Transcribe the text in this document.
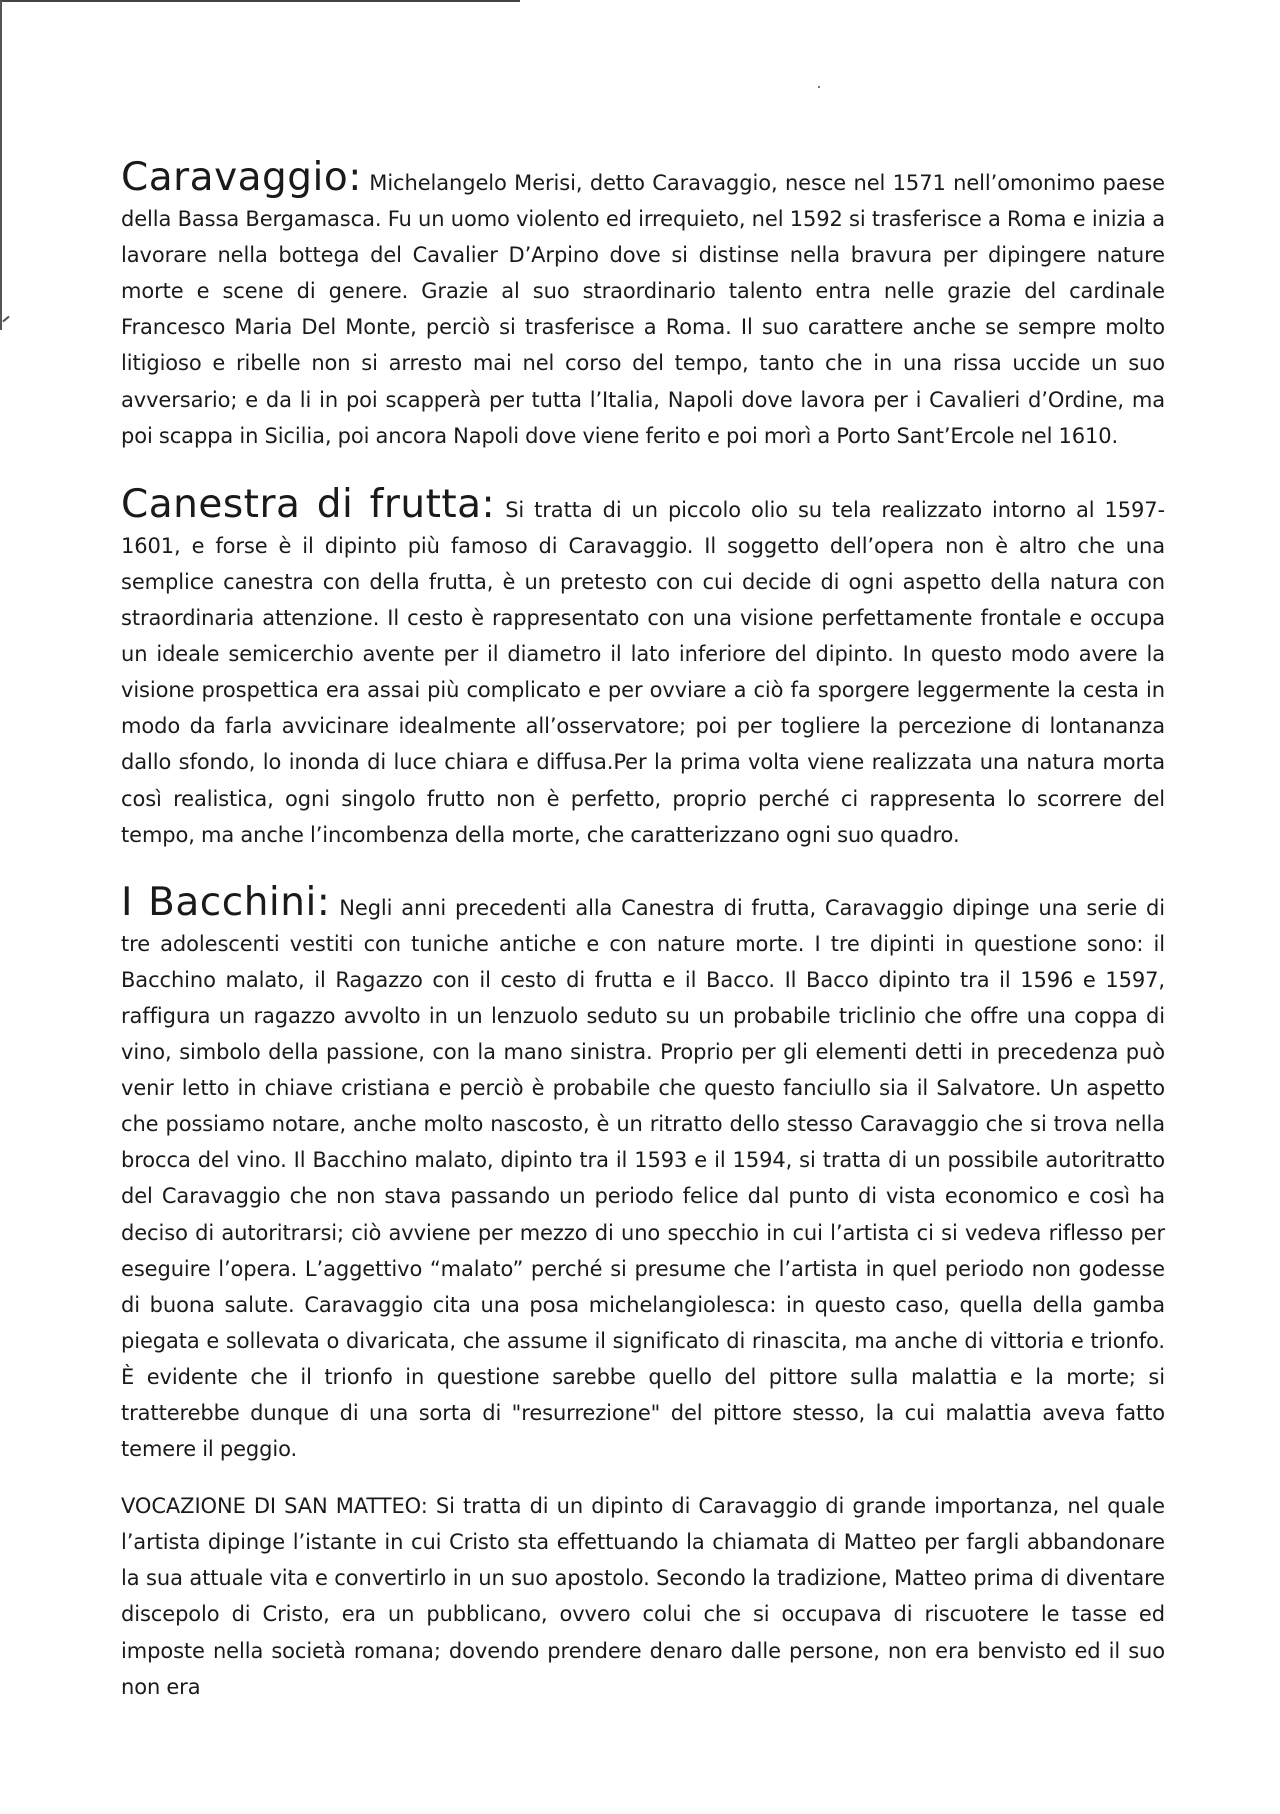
Caravaggio: Michelangelo Merisi, detto Caravaggio, nesce nel 1571 nell’omonimo paese della Bassa Bergamasca. Fu un uomo violento ed irrequieto, nel 1592 si trasferisce a Roma e inizia a lavorare nella bottega del Cavalier D’Arpino dove si distinse nella bravura per dipingere nature morte e scene di genere. Grazie al suo straordinario talento entra nelle grazie del cardinale Francesco Maria Del Monte, perciò si trasferisce a Roma. Il suo carattere anche se sempre molto litigioso e ribelle non si arresto mai nel corso del tempo, tanto che in una rissa uccide un suo avversario; e da li in poi scapperà per tutta l’Italia, Napoli dove lavora per i Cavalieri d’Ordine, ma poi scappa in Sicilia, poi ancora Napoli dove viene ferito e poi morì a Porto Sant’Ercole nel 1610.

Canestra di frutta: Si tratta di un piccolo olio su tela realizzato intorno al 1597-1601, e forse è il dipinto più famoso di Caravaggio. Il soggetto dell’opera non è altro che una semplice canestra con della frutta, è un pretesto con cui decide di ogni aspetto della natura con straordinaria attenzione. Il cesto è rappresentato con una visione perfettamente frontale e occupa un ideale semicerchio avente per il diametro il lato inferiore del dipinto. In questo modo avere la visione prospettica era assai più complicato e per ovviare a ciò fa sporgere leggermente la cesta in modo da farla avvicinare idealmente all’osservatore; poi per togliere la percezione di lontananza dallo sfondo, lo inonda di luce chiara e diffusa.Per la prima volta viene realizzata una natura morta così realistica, ogni singolo frutto non è perfetto, proprio perché ci rappresenta lo scorrere del tempo, ma anche l’incombenza della morte, che caratterizzano ogni suo quadro.

I Bacchini: Negli anni precedenti alla Canestra di frutta, Caravaggio dipinge una serie di tre adolescenti vestiti con tuniche antiche e con nature morte. I tre dipinti in questione sono: il Bacchino malato, il Ragazzo con il cesto di frutta e il Bacco. Il Bacco dipinto tra il 1596 e 1597, raffigura un ragazzo avvolto in un lenzuolo seduto su un probabile triclinio che offre una coppa di vino, simbolo della passione, con la mano sinistra. Proprio per gli elementi detti in precedenza può venir letto in chiave cristiana e perciò è probabile che questo fanciullo sia il Salvatore. Un aspetto che possiamo notare, anche molto nascosto, è un ritratto dello stesso Caravaggio che si trova nella brocca del vino. Il Bacchino malato, dipinto tra il 1593 e il 1594, si tratta di un possibile autoritratto del Caravaggio che non stava passando un periodo felice dal punto di vista economico e così ha deciso di autoritrarsi; ciò avviene per mezzo di uno specchio in cui l’artista ci si vedeva riflesso per eseguire l’opera. L’aggettivo “malato” perché si presume che l’artista in quel periodo non godesse di buona salute. Caravaggio cita una posa michelangiolesca: in questo caso, quella della gamba piegata e sollevata o divaricata, che assume il significato di rinascita, ma anche di vittoria e trionfo. È evidente che il trionfo in questione sarebbe quello del pittore sulla malattia e la morte; si tratterebbe dunque di una sorta di "resurrezione" del pittore stesso, la cui malattia aveva fatto temere il peggio.

VOCAZIONE DI SAN MATTEO: Si tratta di un dipinto di Caravaggio di grande importanza, nel quale l’artista dipinge l’istante in cui Cristo sta effettuando la chiamata di Matteo per fargli abbandonare la sua attuale vita e convertirlo in un suo apostolo. Secondo la tradizione, Matteo prima di diventare discepolo di Cristo, era un pubblicano, ovvero colui che si occupava di riscuotere le tasse ed imposte nella società romana; dovendo prendere denaro dalle persone, non era benvisto ed il suo non era
